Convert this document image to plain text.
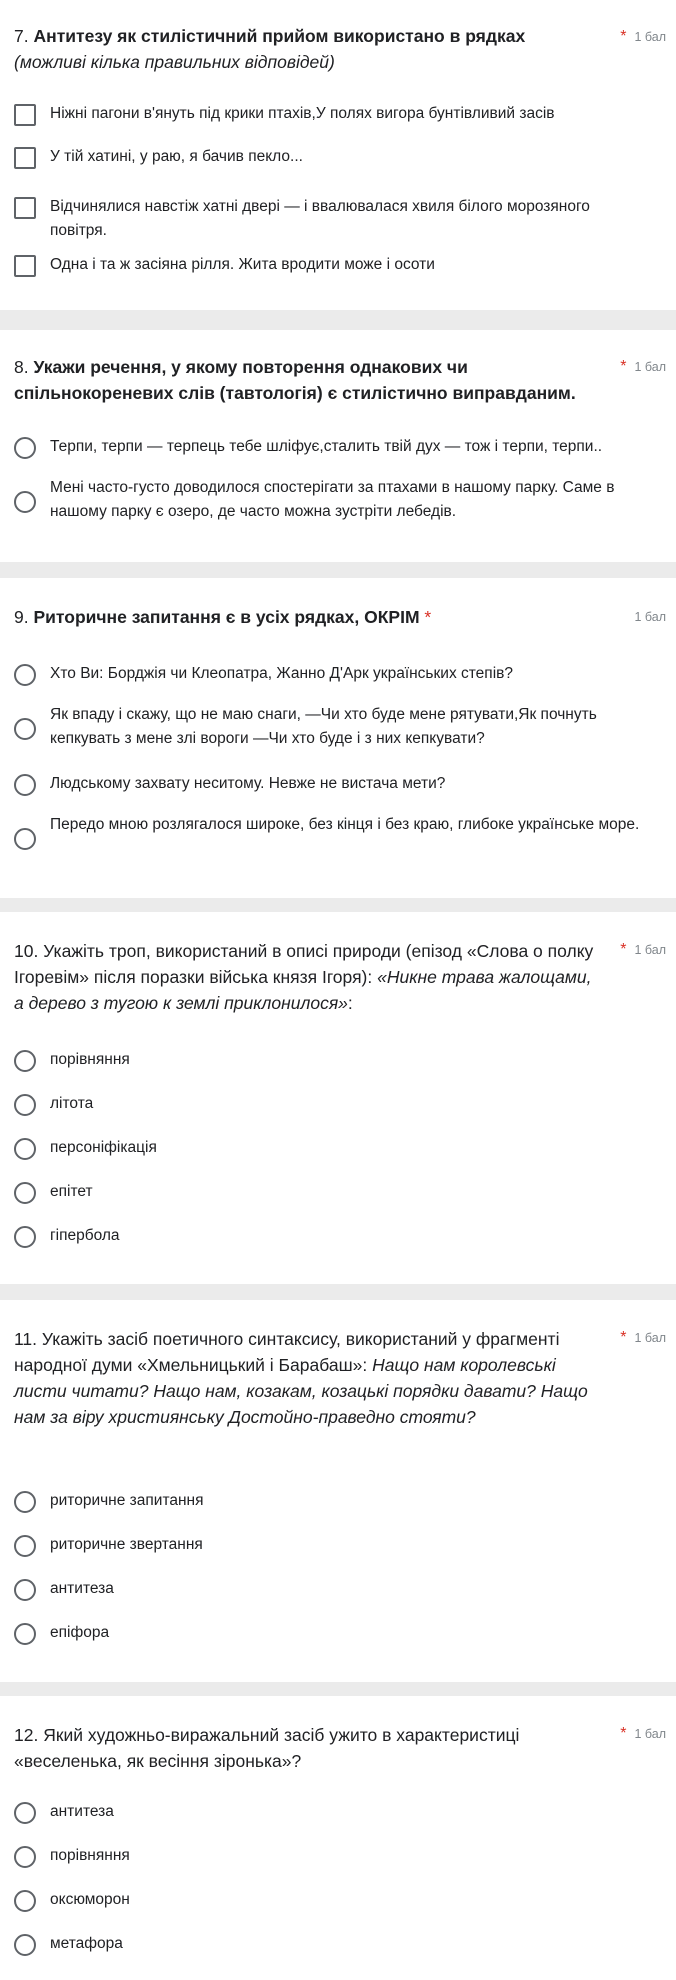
7. Антитезу як стилістичний прийом використано в рядках (можливі кілька правильних відповідей)
* 1 бал
Ніжні пагони в'януть під крики птахів,У полях вигора бунтівливий засів
У тій хатині, у раю, я бачив пекло...
Відчинялися навстіж хатні двері — і ввалювалася хвиля білого морозяного повітря.
Одна і та ж засіяна рілля. Жита вродити може і осоти
8. Укажи речення, у якому повторення однакових чи спільнокореневих слів (тавтологія) є стилістично виправданим.
* 1 бал
Терпи, терпи — терпець тебе шліфує,сталить твій дух — тож і терпи, терпи..
Мені часто-густо доводилося спостерігати за птахами в нашому парку. Саме в нашому парку є озеро, де часто можна зустріти лебедів.
9. Риторичне запитання є в усіх рядках, ОКРІМ *	1 бал
Хто Ви: Борджія чи Клеопатра, Жанно Д'Арк українських степів?
Як впаду і скажу, що не маю снаги, —Чи хто буде мене рятувати,Як почнуть кепкувать з мене злі вороги —Чи хто буде і з них кепкувати?
Людському захвату неситому. Невже не вистача мети?
Передо мною розлягалося широке, без кінця і без краю, глибоке українське море.
10. Укажіть троп, використаний в описі природи (епізод «Слова о полку Ігоревім» після поразки війська князя Ігоря): «Никне трава жалощами, а дерево з тугою к землі приклонилося»:
* 1 бал
порівняння
літота
персоніфікація
епітет
гіпербола
11. Укажіть засіб поетичного синтаксису, використаний у фрагменті народної думи «Хмельницький і Барабаш»: Нащо нам королевські листи читати? Нащо нам, козакам, козацькі порядки давати? Нащо нам за віру християнську Достойно-праведно стояти?
* 1 бал
риторичне запитання
риторичне звертання
антитеза
епіфора
12. Який художньо-виражальний засіб ужито в характеристиці «веселенька, як весіння зіронька»?
* 1 бал
антитеза
порівняння
оксюморон
метафора
